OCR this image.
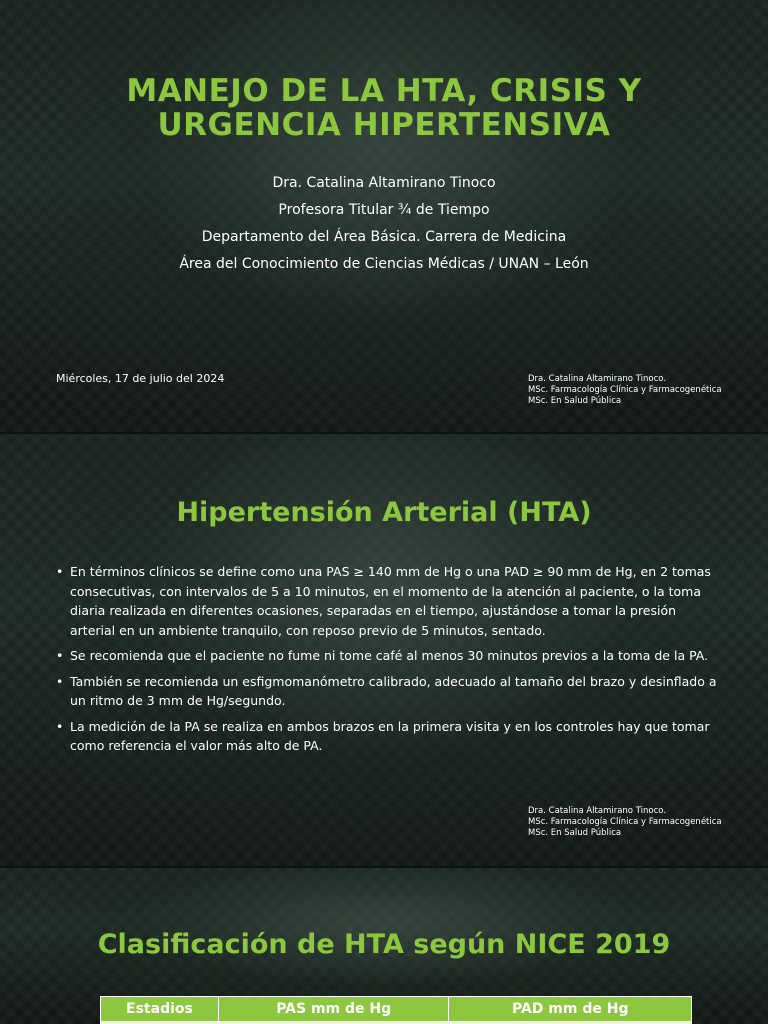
MANEJO DE LA HTA, CRISIS Y
URGENCIA HIPERTENSIVA
Dra. Catalina Altamirano Tinoco
Profesora Titular ¾ de Tiempo
Departamento del Área Básica. Carrera de Medicina
Área del Conocimiento de Ciencias Médicas / UNAN – León
Miércoles, 17 de julio del 2024	Dra. Catalina Altamirano Tinoco.
MSc. Farmacología Clínica y Farmacogenética
MSc. En Salud Pública
Hipertensión Arterial (HTA)
• En términos clínicos se define como una PAS ≥ 140 mm de Hg o una PAD ≥ 90 mm de Hg, en 2 tomas consecutivas, con intervalos de 5 a 10 minutos, en el momento de la atención al paciente, o la toma diaria realizada en diferentes ocasiones, separadas en el tiempo, ajustándose a tomar la presión arterial en un ambiente tranquilo, con reposo previo de 5 minutos, sentado.
• Se recomienda que el paciente no fume ni tome café al menos 30 minutos previos a la toma de la PA.
• También se recomienda un esfigmomanómetro calibrado, adecuado al tamaño del brazo y desinflado a un ritmo de 3 mm de Hg/segundo.
• La medición de la PA se realiza en ambos brazos en la primera visita y en los controles hay que tomar como referencia el valor más alto de PA.
Dra. Catalina Altamirano Tinoco.
MSc. Farmacología Clínica y Farmacogenética
MSc. En Salud Pública
Clasificación de HTA según NICE 2019
Estadios	PAS mm de Hg	PAD mm de Hg
